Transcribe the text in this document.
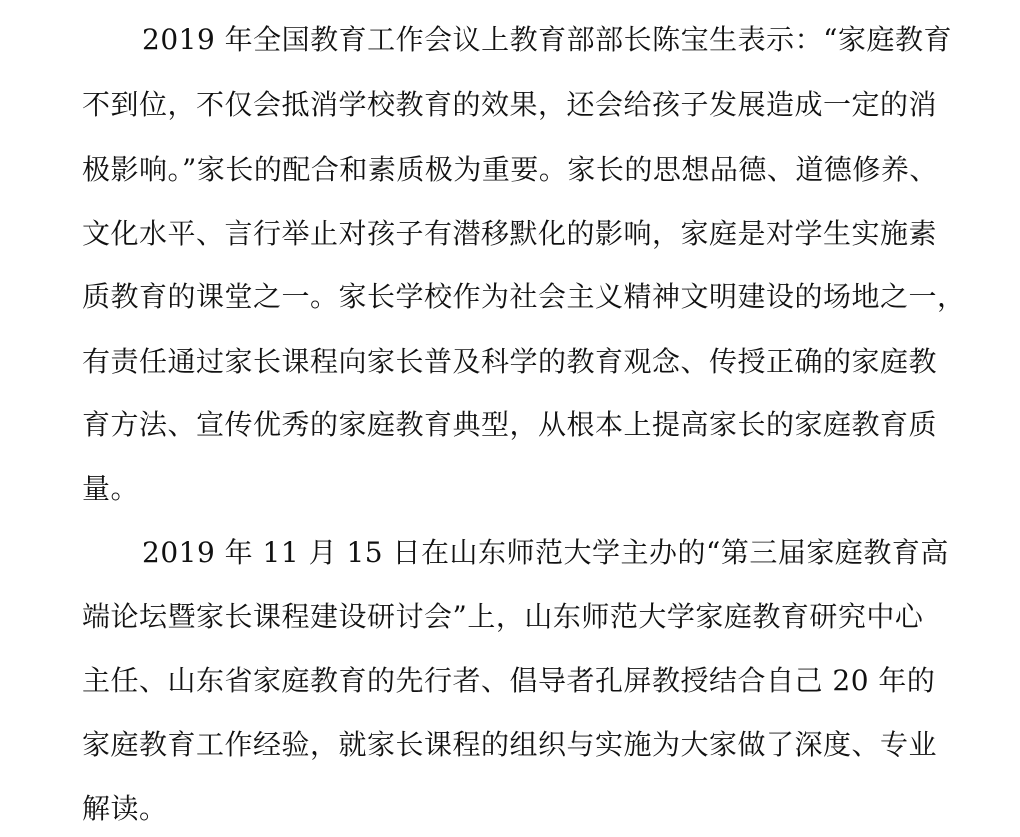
2019 年全国教育工作会议上教育部部长陈宝生表示：“家庭教育
不到位，不仅会抵消学校教育的效果，还会给孩子发展造成一定的消
极影响。”家长的配合和素质极为重要。家长的思想品德、道德修养、
文化水平、言行举止对孩子有潜移默化的影响，家庭是对学生实施素
质教育的课堂之一。家长学校作为社会主义精神文明建设的场地之一，
有责任通过家长课程向家长普及科学的教育观念、传授正确的家庭教
育方法、宣传优秀的家庭教育典型，从根本上提高家长的家庭教育质
量。
2019 年 11 月 15 日在山东师范大学主办的“第三届家庭教育高
端论坛暨家长课程建设研讨会”上，山东师范大学家庭教育研究中心
主任、山东省家庭教育的先行者、倡导者孔屏教授结合自己 20 年的
家庭教育工作经验，就家长课程的组织与实施为大家做了深度、专业
解读。
